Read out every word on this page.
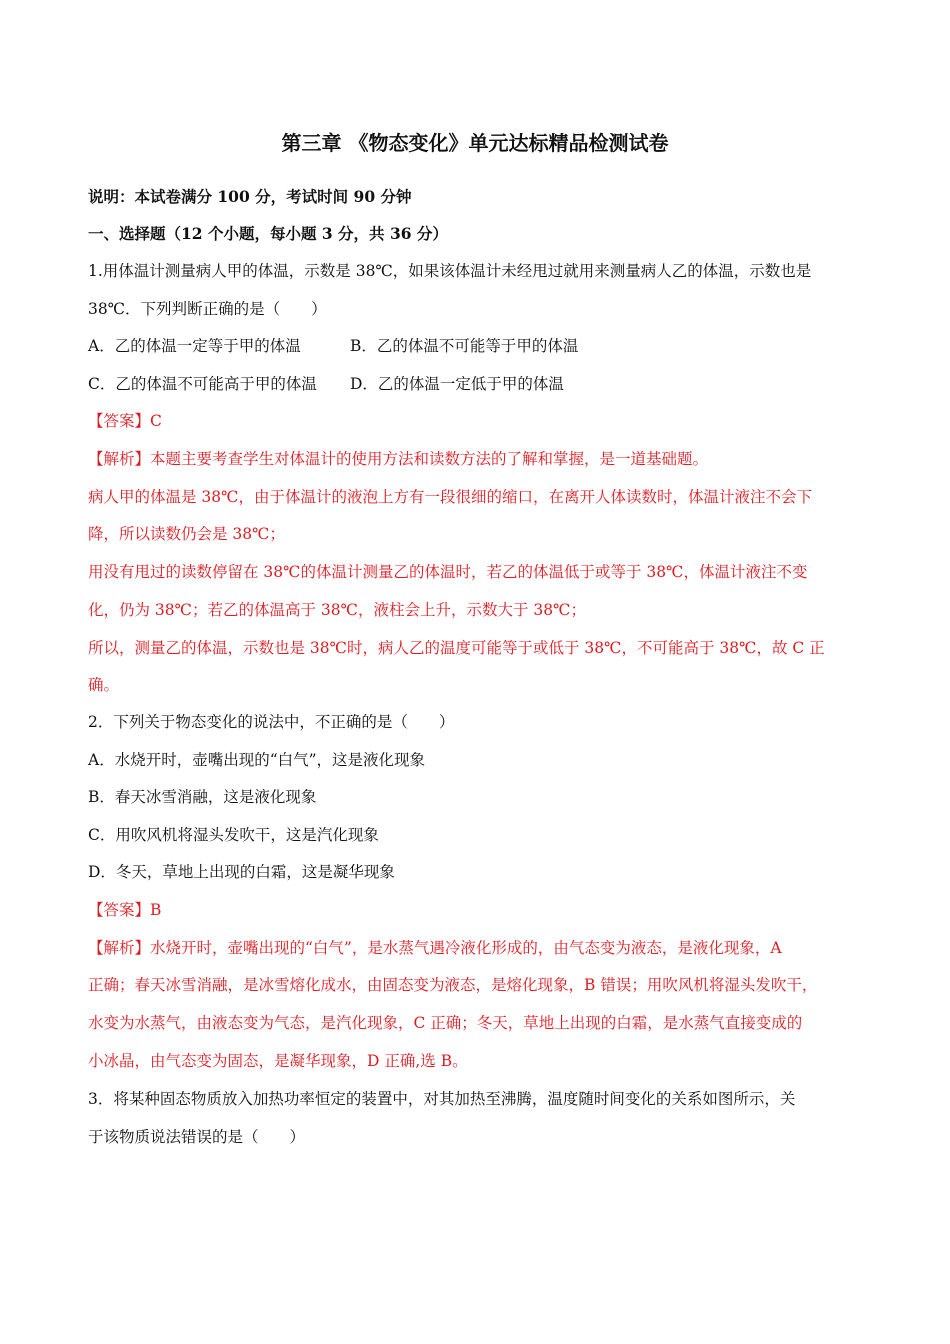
第三章 《物态变化》单元达标精品检测试卷
说明：本试卷满分 100 分，考试时间 90 分钟
一、选择题（12 个小题，每小题 3 分，共 36 分）
1.用体温计测量病人甲的体温，示数是 38℃，如果该体温计未经甩过就用来测量病人乙的体温，示数也是
38℃．下列判断正确的是（　　）
A．乙的体温一定等于甲的体温	B．乙的体温不可能等于甲的体温
C．乙的体温不可能高于甲的体温 D．乙的体温一定低于甲的体温
【答案】C
【解析】本题主要考查学生对体温计的使用方法和读数方法的了解和掌握，是一道基础题。
病人甲的体温是 38℃，由于体温计的液泡上方有一段很细的缩口，在离开人体读数时，体温计液注不会下
降，所以读数仍会是 38℃；
用没有甩过的读数停留在 38℃的体温计测量乙的体温时，若乙的体温低于或等于 38℃，体温计液注不变
化，仍为 38℃；若乙的体温高于 38℃，液柱会上升，示数大于 38℃；
所以，测量乙的体温，示数也是 38℃时，病人乙的温度可能等于或低于 38℃，不可能高于 38℃，故 C 正
确。
2．下列关于物态变化的说法中，不正确的是（　　）
A．水烧开时，壶嘴出现的“白气”，这是液化现象
B．春天冰雪消融，这是液化现象
C．用吹风机将湿头发吹干，这是汽化现象
D．冬天，草地上出现的白霜，这是凝华现象
【答案】B
【解析】水烧开时，壶嘴出现的“白气”，是水蒸气遇冷液化形成的，由气态变为液态，是液化现象，A
正确；春天冰雪消融，是冰雪熔化成水，由固态变为液态，是熔化现象，B 错误；用吹风机将湿头发吹干，
水变为水蒸气，由液态变为气态，是汽化现象，C 正确；冬天，草地上出现的白霜，是水蒸气直接变成的
小冰晶，由气态变为固态，是凝华现象，D 正确,选 B。
3．将某种固态物质放入加热功率恒定的装置中，对其加热至沸腾，温度随时间变化的关系如图所示，关
于该物质说法错误的是（　　）
